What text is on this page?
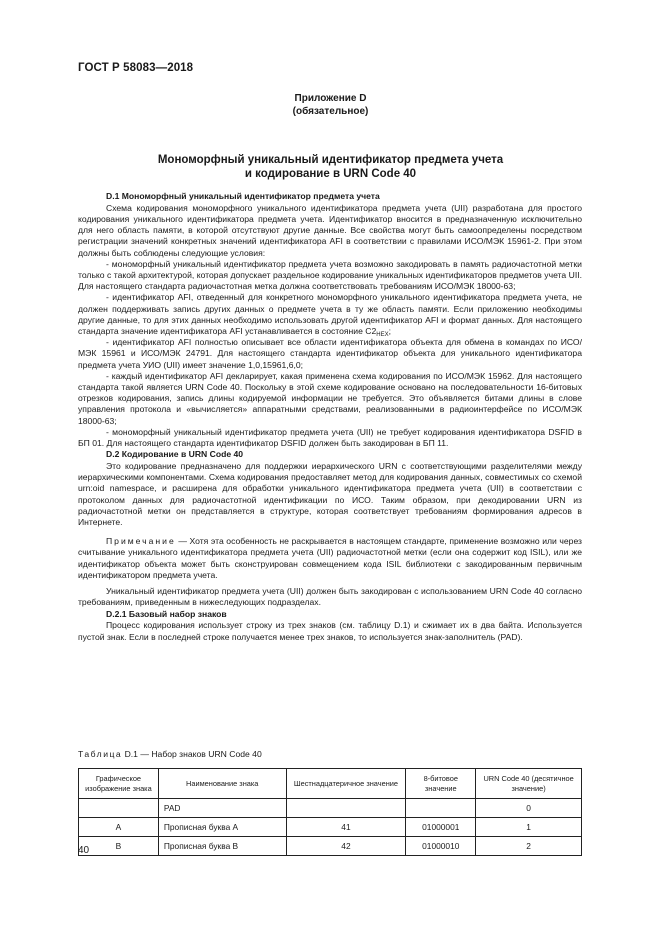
ГОСТ Р 58083—2018
Приложение D
(обязательное)
Мономорфный уникальный идентификатор предмета учета
и кодирование в URN Code 40
D.1 Мономорфный уникальный идентификатор предмета учета

Схема кодирования мономорфного уникального идентификатора предмета учета (UII) разработана для простого кодирования уникального идентификатора предмета учета. Идентификатор вносится в предназначенную исключительно для него область памяти, в которой отсутствуют другие данные. Все свойства могут быть самоопределены посредством регистрации значений конкретных значений идентификатора AFI в соответствии с правилами ИСО/МЭК 15961-2. При этом должны быть соблюдены следующие условия:

- мономорфный уникальный идентификатор предмета учета возможно закодировать в память радиочастотной метки только с такой архитектурой, которая допускает раздельное кодирование уникальных идентификаторов предметов учета UII. Для настоящего стандарта радиочастотная метка должна соответствовать требованиям ИСО/МЭК 18000-63;

- идентификатор AFI, отведенный для конкретного мономорфного уникального идентификатора предмета учета, не должен поддерживать запись других данных о предмете учета в ту же область памяти. Если приложению необходимы другие данные, то для этих данных необходимо использовать другой идентификатор AFI и формат данных. Для настоящего стандарта значение идентификатора AFI устанавливается в состояние $C2_{HEX}$;

- идентификатор AFI полностью описывает все области идентификатора объекта для обмена в командах по ИСО/МЭК 15961 и ИСО/МЭК 24791. Для настоящего стандарта идентификатор объекта для уникального идентификатора предмета учета УИО (UII) имеет значение 1,0,15961,6,0;

- каждый идентификатор AFI декларирует, какая применена схема кодирования по ИСО/МЭК 15962. Для настоящего стандарта такой является URN Code 40. Поскольку в этой схеме кодирование основано на последовательности 16-битовых отрезков кодирования, запись длины кодируемой информации не требуется. Это объявляется битами длины в слове управления протокола и «вычисляется» аппаратными средствами, реализованными в радиоинтерфейсе по ИСО/МЭК 18000-63;

- мономорфный уникальный идентификатор предмета учета (UII) не требует кодирования идентификатора DSFID в БП 01. Для настоящего стандарта идентификатор DSFID должен быть закодирован в БП 11.

D.2 Кодирование в URN Code 40

Это кодирование предназначено для поддержки иерархического URN с соответствующими разделителями между иерархическими компонентами. Схема кодирования предоставляет метод для кодирования данных, совместимых со схемой urn:oid namespace, и расширена для обработки уникального идентификатора предмета учета (UII) в соответствии с протоколом данных для радиочастотной идентификации по ИСО. Таким образом, при декодировании URN из радиочастотной метки он представляется в структуре, которая соответствует требованиям формирования адресов в Интернете.

Примечание — Хотя эта особенность не раскрывается в настоящем стандарте, применение возможно или через считывание уникального идентификатора предмета учета (UII) радиочастотной метки (если она содержит код ISIL), или же идентификатор объекта может быть сконструирован совмещением кода ISIL библиотеки с закодированным первичным идентификатором предмета учета.

Уникальный идентификатор предмета учета (UII) должен быть закодирован с использованием URN Code 40 согласно требованиям, приведенным в нижеследующих подразделах.

D.2.1 Базовый набор знаков

Процесс кодирования использует строку из трех знаков (см. таблицу D.1) и сжимает их в два байта. Используется пустой знак. Если в последней строке получается менее трех знаков, то используется знак-заполнитель (PAD).

Таблица D.1 — Набор знаков URN Code 40
Графическое изображение знака	Наименование знака	Шестнадцатеричное значение	8-битовое значение	URN Code 40 (десятичное значение)
	PAD			0
A	Прописная буква A	41	01000001	1
B	Прописная буква B	42	01000010	2
40
